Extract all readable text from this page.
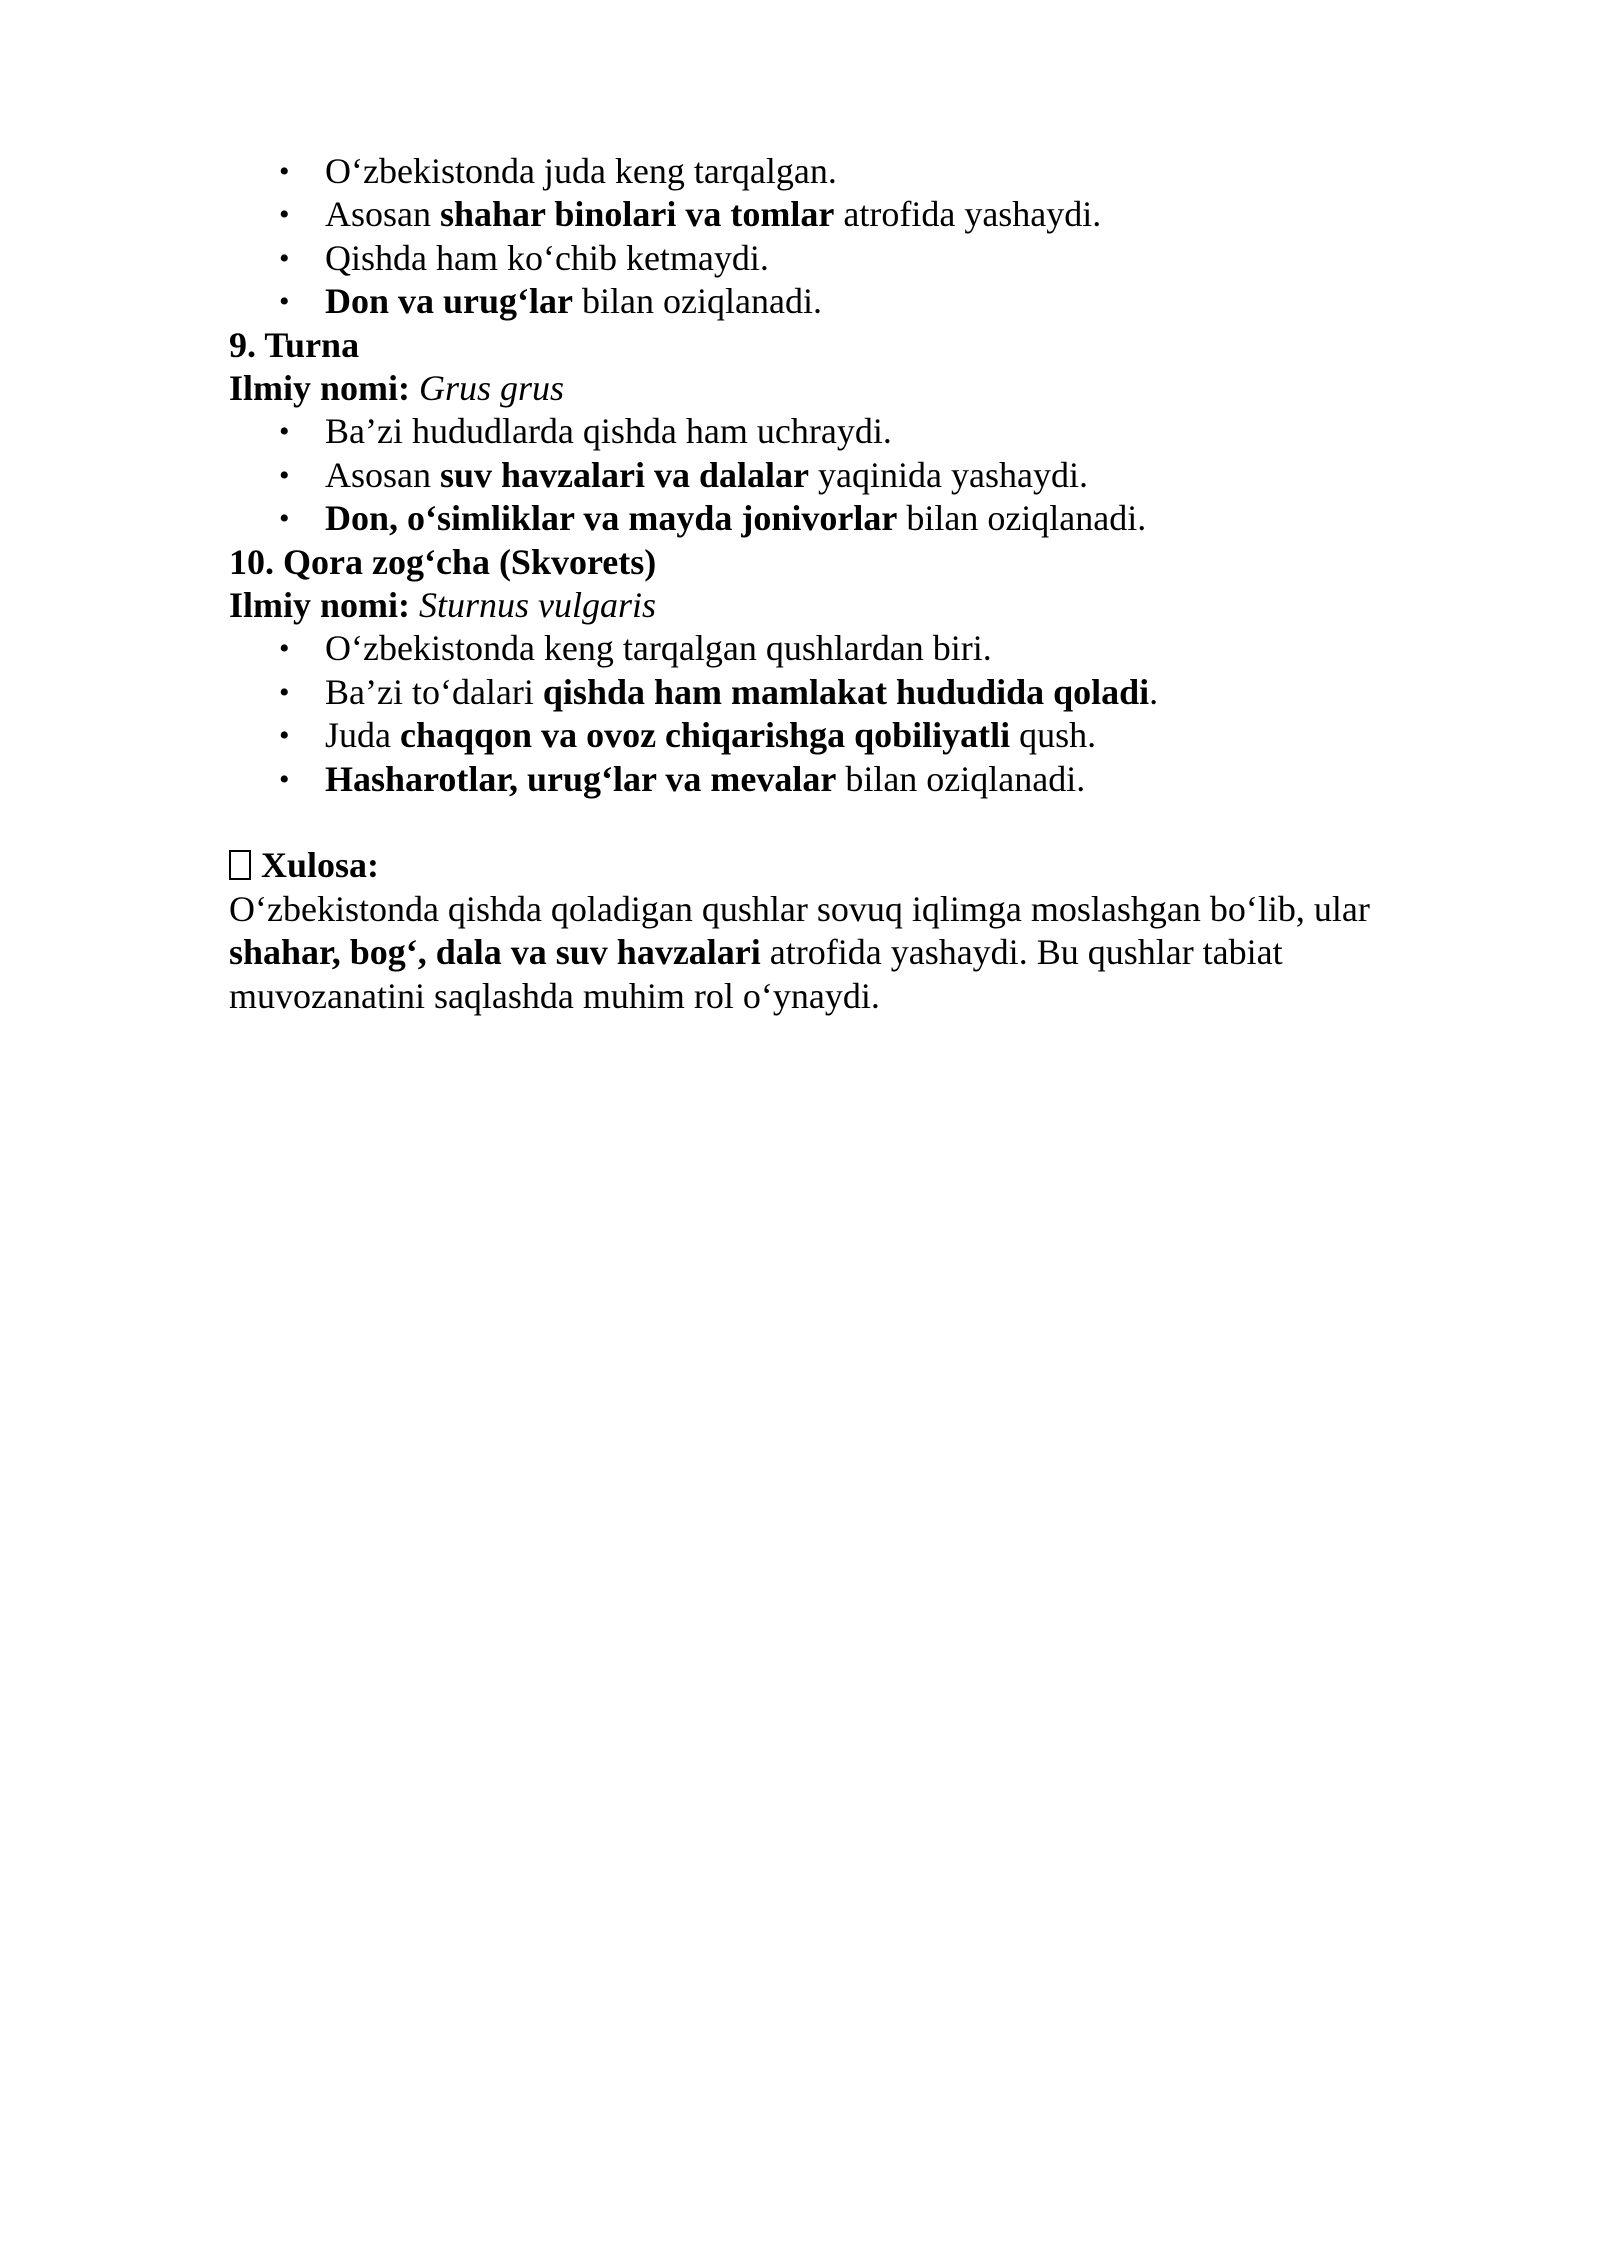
• O‘zbekistonda juda keng tarqalgan.
• Asosan shahar binolari va tomlar atrofida yashaydi.
• Qishda ham ko‘chib ketmaydi.
• Don va urug‘lar bilan oziqlanadi.
9. Turna
Ilmiy nomi: Grus grus
• Ba’zi hududlarda qishda ham uchraydi.
• Asosan suv havzalari va dalalar yaqinida yashaydi.
• Don, o‘simliklar va mayda jonivorlar bilan oziqlanadi.
10. Qora zog‘cha (Skvorets)
Ilmiy nomi: Sturnus vulgaris
• O‘zbekistonda keng tarqalgan qushlardan biri.
• Ba’zi to‘dalari qishda ham mamlakat hududida qoladi.
• Juda chaqqon va ovoz chiqarishga qobiliyatli qush.
• Hasharotlar, urug‘lar va mevalar bilan oziqlanadi.
Xulosa:
O‘zbekistonda qishda qoladigan qushlar sovuq iqlimga moslashgan bo‘lib, ular shahar, bog‘, dala va suv havzalari atrofida yashaydi. Bu qushlar tabiat muvozanatini saqlashda muhim rol o‘ynaydi.
